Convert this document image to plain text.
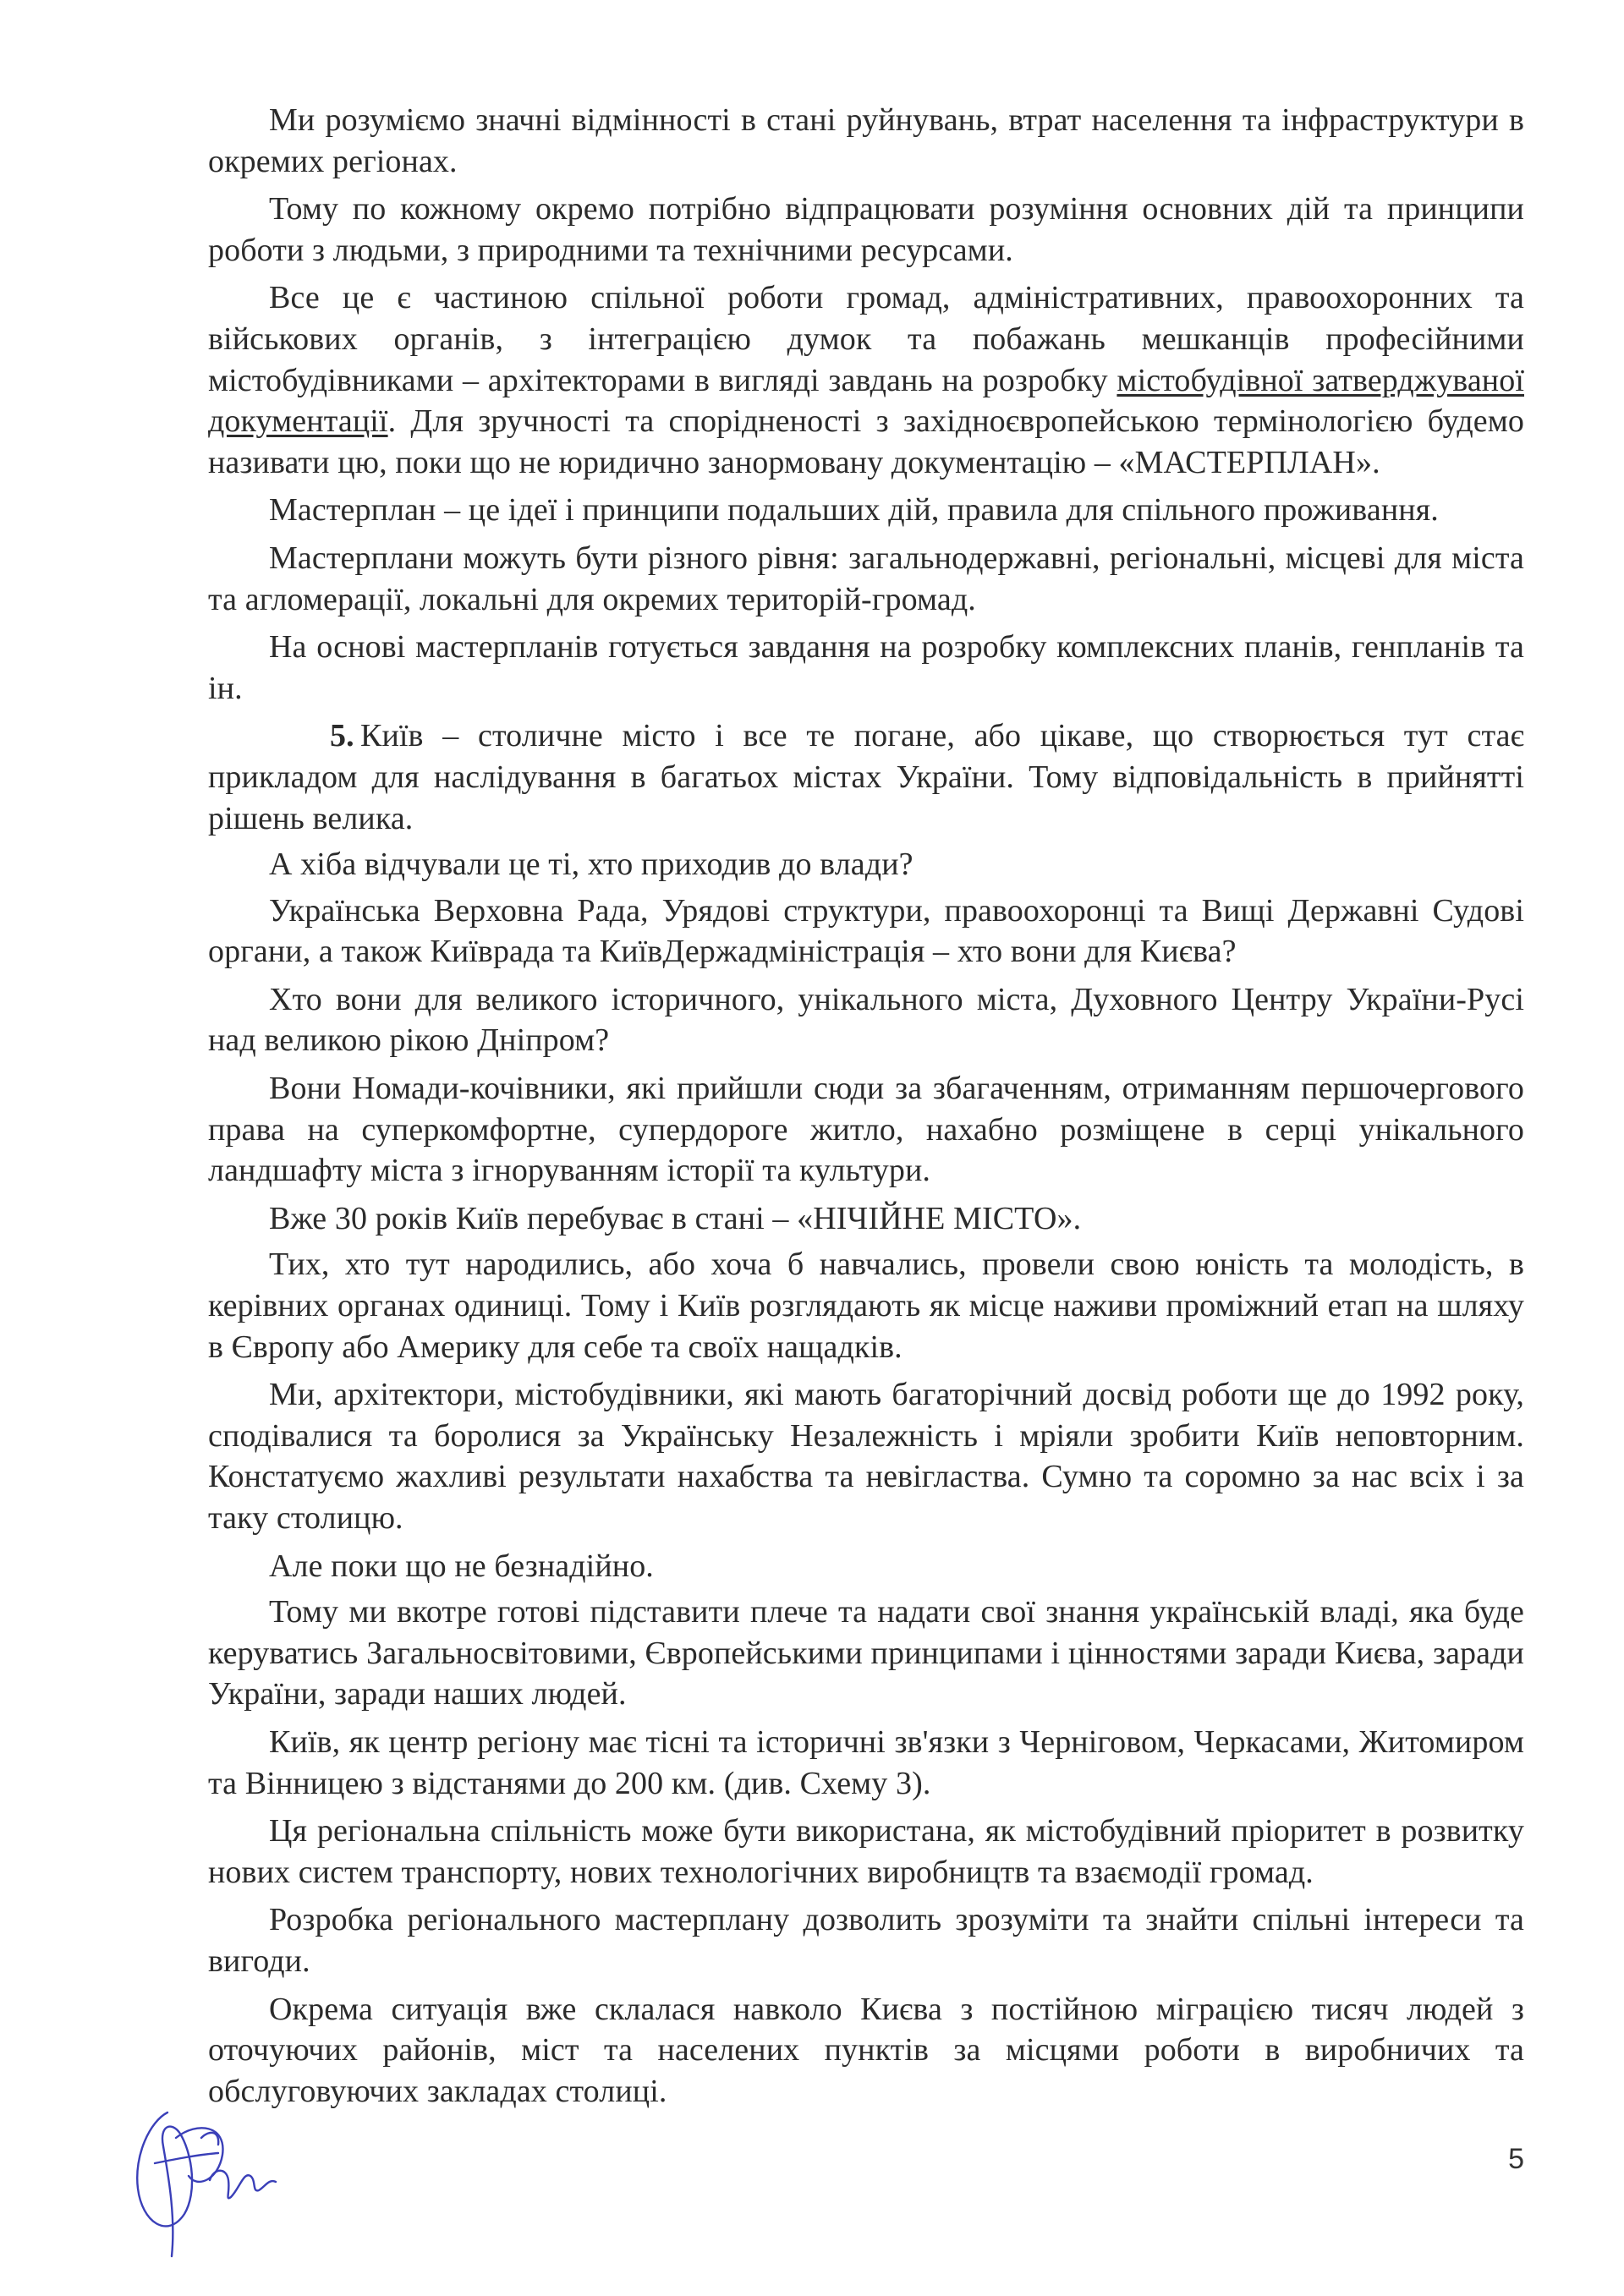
Ми розуміємо значні відмінності в стані руйнувань, втрат населення та інфраструктури в окремих регіонах.

Тому по кожному окремо потрібно відпрацювати розуміння основних дій та принципи роботи з людьми, з природними та технічними ресурсами.

Все це є частиною спільної роботи громад, адміністративних, правоохоронних та військових органів, з інтеграцією думок та побажань мешканців професійними містобудівниками – архітекторами в вигляді завдань на розробку містобудівної затверджуваної документації. Для зручності та спорідненості з західноєвропейською термінологією будемо називати цю, поки що не юридично занормовану документацію – «МАСТЕРПЛАН».

Мастерплан – це ідеї і принципи подальших дій, правила для спільного проживання.

Мастерплани можуть бути різного рівня: загальнодержавні, регіональні, місцеві для міста та агломерації, локальні для окремих територій-громад.

На основі мастерпланів готується завдання на розробку комплексних планів, генпланів та ін.

5. Київ – столичне місто і все те погане, або цікаве, що створюється тут стає прикладом для наслідування в багатьох містах України. Тому відповідальність в прийнятті рішень велика.

А хіба відчували це ті, хто приходив до влади?

Українська Верховна Рада, Урядові структури, правоохоронці та Вищі Державні Судові органи, а також Київрада та КиївДержадміністрація – хто вони для Києва?

Хто вони для великого історичного, унікального міста, Духовного Центру України-Русі над великою рікою Дніпром?

Вони Номади-кочівники, які прийшли сюди за збагаченням, отриманням першочергового права на суперкомфортне, супердороге житло, нахабно розміщене в серці унікального ландшафту міста з ігноруванням історії та культури.

Вже 30 років Київ перебуває в стані – «НІЧІЙНЕ МІСТО».

Тих, хто тут народились, або хоча б навчались, провели свою юність та молодість, в керівних органах одиниці. Тому і Київ розглядають як місце наживи проміжний етап на шляху в Європу або Америку для себе та своїх нащадків.

Ми, архітектори, містобудівники, які мають багаторічний досвід роботи ще до 1992 року, сподівалися та боролися за Українську Незалежність і мріяли зробити Київ неповторним. Констатуємо жахливі результати нахабства та невігластва. Сумно та соромно за нас всіх і за таку столицю.

Але поки що не безнадійно.

Тому ми вкотре готові підставити плече та надати свої знання українській владі, яка буде керуватись Загальносвітовими, Європейськими принципами і цінностями заради Києва, заради України, заради наших людей.

Київ, як центр регіону має тісні та історичні зв'язки з Черніговом, Черкасами, Житомиром та Вінницею з відстанями до 200 км. (див. Схему 3).

Ця регіональна спільність може бути використана, як містобудівний пріоритет в розвитку нових систем транспорту, нових технологічних виробництв та взаємодії громад.

Розробка регіонального мастерплану дозволить зрозуміти та знайти спільні інтереси та вигоди.

Окрема ситуація вже склалася навколо Києва з постійною міграцією тисяч людей з оточуючих районів, міст та населених пунктів за місцями роботи в виробничих та обслуговуючих закладах столиці.

5
